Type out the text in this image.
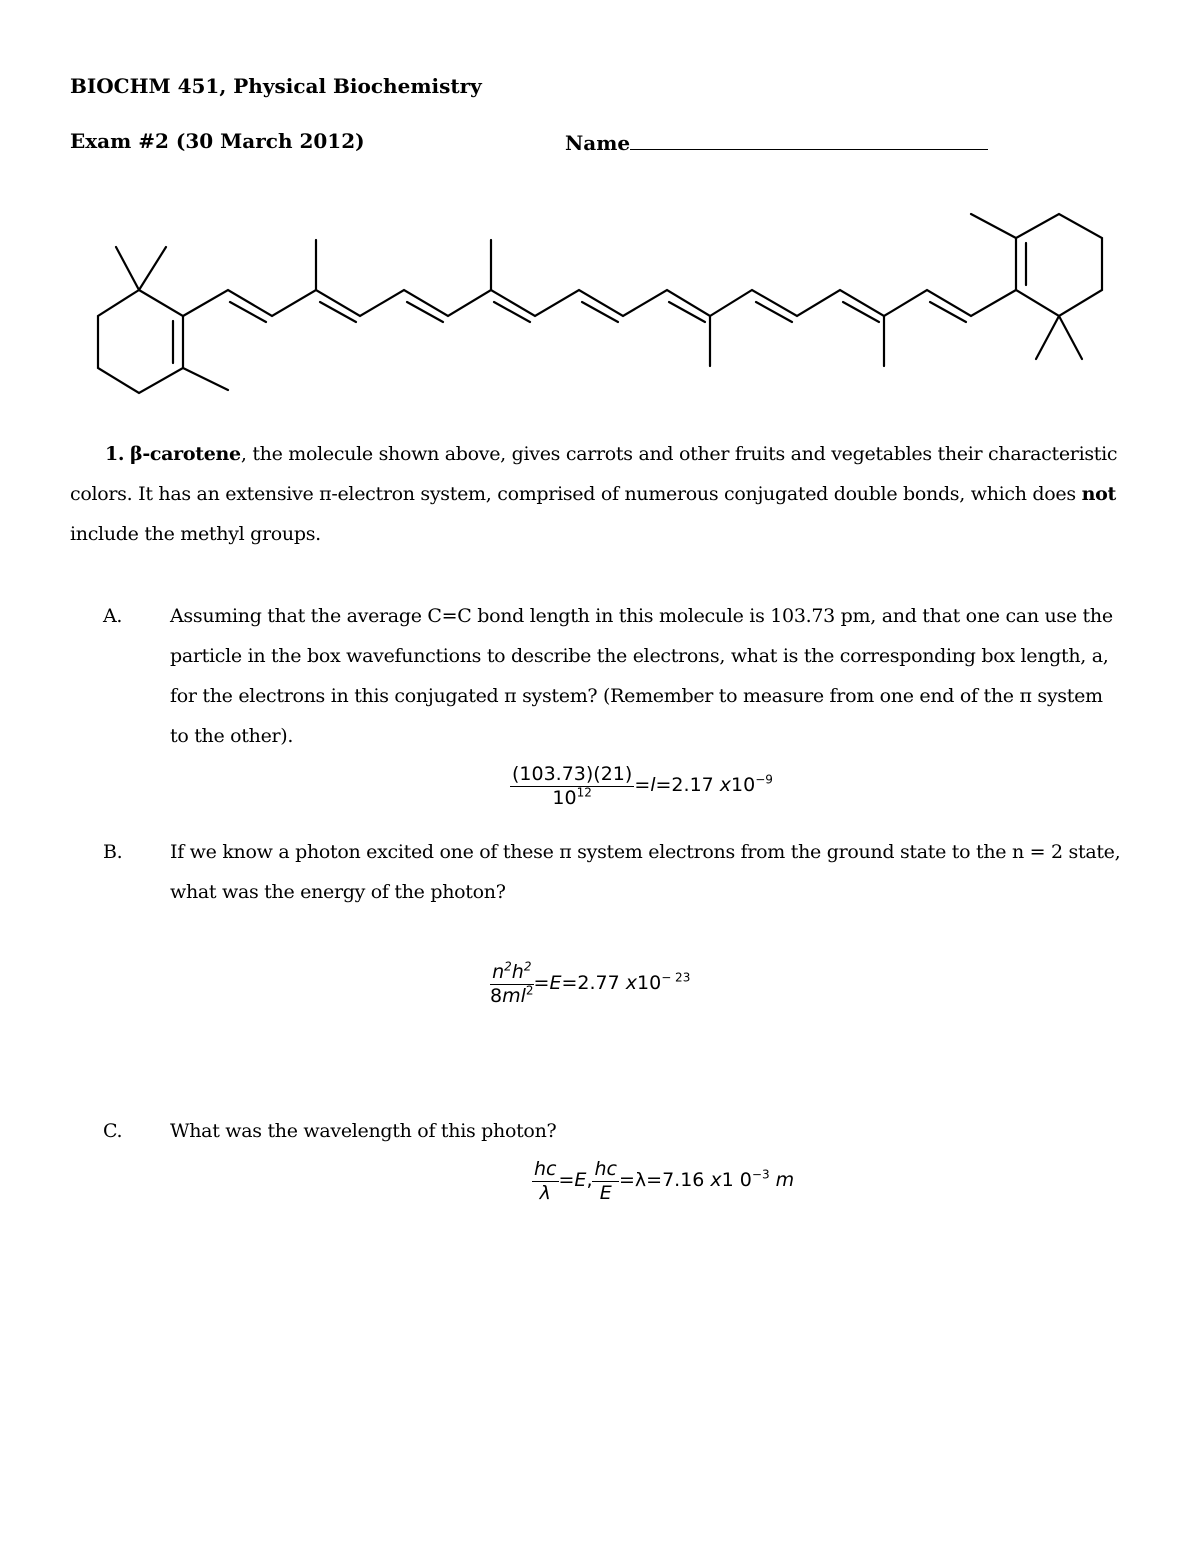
BIOCHM 451, Physical Biochemistry
Exam #2 (30 March 2012)	Name
1. β-carotene, the molecule shown above, gives carrots and other fruits and vegetables their characteristic
colors. It has an extensive π-electron system, comprised of numerous conjugated double bonds, which does not
include the methyl groups.
A.	Assuming that the average C=C bond length in this molecule is 103.73 pm, and that one can use the
particle in the box wavefunctions to describe the electrons, what is the corresponding box length, a,
for the electrons in this conjugated π system? (Remember to measure from one end of the π system
to the other).
$\frac{(103.73)(21)}{10^{12}} =l=2.17$ $x10^{-9}$
B.	If we know a photon excited one of these π system electrons from the ground state to the n = 2 state,
what was the energy of the photon?
$\frac{n^2h^2}{8ml^2} =E=2.77$ $x10^{- 23}$
C.	What was the wavelength of this photon?
$\frac{hc}{\lambda} =E$, $\frac{hc}{E} =\lambda=7.16$ x1 $0^{-3}$ m
